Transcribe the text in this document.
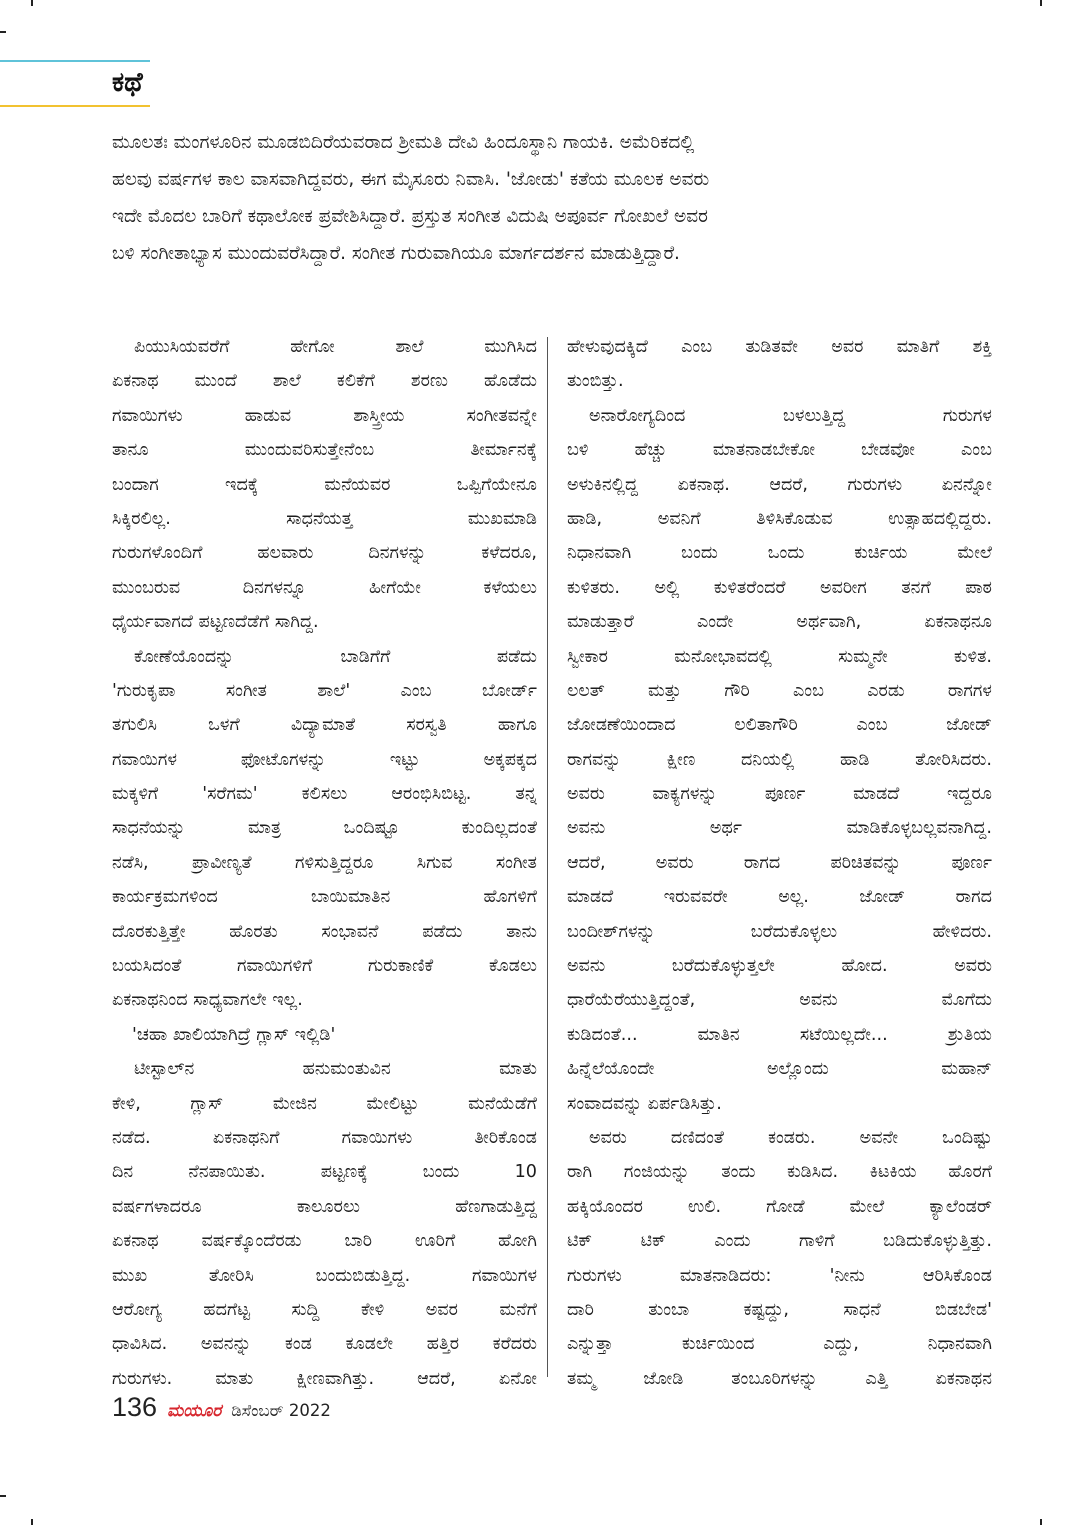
ಕಥೆ
ಮೂಲತಃ ಮಂಗಳೂರಿನ ಮೂಡಬಿದಿರೆಯವರಾದ ಶ್ರೀಮತಿ ದೇವಿ ಹಿಂದೂಸ್ಥಾನಿ ಗಾಯಕಿ. ಅಮೆರಿಕದಲ್ಲಿ
ಹಲವು ವರ್ಷಗಳ ಕಾಲ ವಾಸವಾಗಿದ್ದವರು, ಈಗ ಮೈಸೂರು ನಿವಾಸಿ. 'ಜೋಡು' ಕತೆಯ ಮೂಲಕ ಅವರು
ಇದೇ ಮೊದಲ ಬಾರಿಗೆ ಕಥಾಲೋಕ ಪ್ರವೇಶಿಸಿದ್ದಾರೆ. ಪ್ರಸ್ತುತ ಸಂಗೀತ ವಿದುಷಿ ಅಪೂರ್ವ ಗೋಖಲೆ ಅವರ
ಬಳಿ ಸಂಗೀತಾಭ್ಯಾಸ ಮುಂದುವರೆಸಿದ್ದಾರೆ. ಸಂಗೀತ ಗುರುವಾಗಿಯೂ ಮಾರ್ಗದರ್ಶನ ಮಾಡುತ್ತಿದ್ದಾರೆ.
ಪಿಯುಸಿಯವರೆಗೆ ಹೇಗೋ ಶಾಲೆ ಮುಗಿಸಿದ
ಏಕನಾಥ ಮುಂದೆ ಶಾಲೆ ಕಲಿಕೆಗೆ ಶರಣು ಹೊಡೆದು
ಗವಾಯಿಗಳು ಹಾಡುವ ಶಾಸ್ತ್ರೀಯ ಸಂಗೀತವನ್ನೇ
ತಾನೂ ಮುಂದುವರಿಸುತ್ತೇನೆಂಬ ತೀರ್ಮಾನಕ್ಕೆ
ಬಂದಾಗ ಇದಕ್ಕೆ ಮನೆಯವರ ಒಪ್ಪಿಗೆಯೇನೂ
ಸಿಕ್ಕಿರಲಿಲ್ಲ. ಸಾಧನೆಯತ್ತ ಮುಖಮಾಡಿ
ಗುರುಗಳೊಂದಿಗೆ ಹಲವಾರು ದಿನಗಳನ್ನು ಕಳೆದರೂ,
ಮುಂಬರುವ ದಿನಗಳನ್ನೂ ಹೀಗೆಯೇ ಕಳೆಯಲು
ಧೈರ್ಯವಾಗದೆ ಪಟ್ಟಣದೆಡೆಗೆ ಸಾಗಿದ್ದ.
ಕೋಣೆಯೊಂದನ್ನು ಬಾಡಿಗೆಗೆ ಪಡೆದು
'ಗುರುಕೃಪಾ ಸಂಗೀತ ಶಾಲೆ' ಎಂಬ ಬೋರ್ಡ್
ತಗುಲಿಸಿ ಒಳಗೆ ವಿದ್ಯಾಮಾತೆ ಸರಸ್ವತಿ ಹಾಗೂ
ಗವಾಯಿಗಳ ಫೋಟೊಗಳನ್ನು ಇಟ್ಟು ಅಕ್ಕಪಕ್ಕದ
ಮಕ್ಕಳಿಗೆ 'ಸರೆಗಮ' ಕಲಿಸಲು ಆರಂಭಿಸಿಬಿಟ್ಟ. ತನ್ನ
ಸಾಧನೆಯನ್ನು ಮಾತ್ರ ಒಂದಿಷ್ಟೂ ಕುಂದಿಲ್ಲದಂತೆ
ನಡೆಸಿ, ಪ್ರಾವೀಣ್ಯತೆ ಗಳಿಸುತ್ತಿದ್ದರೂ ಸಿಗುವ ಸಂಗೀತ
ಕಾರ್ಯಕ್ರಮಗಳಿಂದ ಬಾಯಿಮಾತಿನ ಹೊಗಳಿಗೆ
ದೊರಕುತ್ತಿತ್ತೇ ಹೊರತು ಸಂಭಾವನೆ ಪಡೆದು ತಾನು
ಬಯಸಿದಂತೆ ಗವಾಯಿಗಳಿಗೆ ಗುರುಕಾಣಿಕೆ ಕೊಡಲು
ಏಕನಾಥನಿಂದ ಸಾಧ್ಯವಾಗಲೇ ಇಲ್ಲ.
'ಚಹಾ ಖಾಲಿಯಾಗಿದ್ರೆ ಗ್ಲಾಸ್ ಇಲ್ಲಿಡಿ'
ಟೀಸ್ಟಾಲ್‌ನ ಹನುಮಂತುವಿನ ಮಾತು
ಕೇಳಿ, ಗ್ಲಾಸ್ ಮೇಜಿನ ಮೇಲಿಟ್ಟು ಮನೆಯೆಡೆಗೆ
ನಡೆದ. ಏಕನಾಥನಿಗೆ ಗವಾಯಿಗಳು ತೀರಿಕೊಂಡ
ದಿನ ನೆನಪಾಯಿತು. ಪಟ್ಟಣಕ್ಕೆ ಬಂದು 10
ವರ್ಷಗಳಾದರೂ ಕಾಲೂರಲು ಹೆಣಗಾಡುತ್ತಿದ್ದ
ಏಕನಾಥ ವರ್ಷಕ್ಕೊಂದೆರಡು ಬಾರಿ ಊರಿಗೆ ಹೋಗಿ
ಮುಖ ತೋರಿಸಿ ಬಂದುಬಿಡುತ್ತಿದ್ದ. ಗವಾಯಿಗಳ
ಆರೋಗ್ಯ ಹದಗೆಟ್ಟ ಸುದ್ದಿ ಕೇಳಿ ಅವರ ಮನೆಗೆ
ಧಾವಿಸಿದ. ಅವನನ್ನು ಕಂಡ ಕೂಡಲೇ ಹತ್ತಿರ ಕರೆದರು
ಗುರುಗಳು. ಮಾತು ಕ್ಷೀಣವಾಗಿತ್ತು. ಆದರೆ, ಏನೋ
ಹೇಳುವುದಕ್ಕಿದೆ ಎಂಬ ತುಡಿತವೇ ಅವರ ಮಾತಿಗೆ ಶಕ್ತಿ
ತುಂಬಿತ್ತು.
ಅನಾರೋಗ್ಯದಿಂದ ಬಳಲುತ್ತಿದ್ದ ಗುರುಗಳ
ಬಳಿ ಹೆಚ್ಚು ಮಾತನಾಡಬೇಕೋ ಬೇಡವೋ ಎಂಬ
ಅಳುಕಿನಲ್ಲಿದ್ದ ಏಕನಾಥ. ಆದರೆ, ಗುರುಗಳು ಏನನ್ನೋ
ಹಾಡಿ, ಅವನಿಗೆ ತಿಳಿಸಿಕೊಡುವ ಉತ್ಸಾಹದಲ್ಲಿದ್ದರು.
ನಿಧಾನವಾಗಿ ಬಂದು ಒಂದು ಕುರ್ಚಿಯ ಮೇಲೆ
ಕುಳಿತರು. ಅಲ್ಲಿ ಕುಳಿತರೆಂದರೆ ಅವರೀಗ ತನಗೆ ಪಾಠ
ಮಾಡುತ್ತಾರೆ ಎಂದೇ ಅರ್ಥವಾಗಿ, ಏಕನಾಥನೂ
ಸ್ವೀಕಾರ ಮನೋಭಾವದಲ್ಲಿ ಸುಮ್ಮನೇ ಕುಳಿತ.
ಲಲತ್ ಮತ್ತು ಗೌರಿ ಎಂಬ ಎರಡು ರಾಗಗಳ
ಜೋಡಣೆಯಿಂದಾದ ಲಲಿತಾಗೌರಿ ಎಂಬ ಜೋಡ್
ರಾಗವನ್ನು ಕ್ಷೀಣ ದನಿಯಲ್ಲಿ ಹಾಡಿ ತೋರಿಸಿದರು.
ಅವರು ವಾಕ್ಯಗಳನ್ನು ಪೂರ್ಣ ಮಾಡದೆ ಇದ್ದರೂ
ಅವನು ಅರ್ಥ ಮಾಡಿಕೊಳ್ಳಬಲ್ಲವನಾಗಿದ್ದ.
ಆದರೆ, ಅವರು ರಾಗದ ಪರಿಚಿತವನ್ನು ಪೂರ್ಣ
ಮಾಡದೆ ಇರುವವರೇ ಅಲ್ಲ. ಜೋಡ್ ರಾಗದ
ಬಂದೀಶ್‌ಗಳನ್ನು ಬರೆದುಕೊಳ್ಳಲು ಹೇಳಿದರು.
ಅವನು ಬರೆದುಕೊಳ್ಳುತ್ತಲೇ ಹೋದ. ಅವರು
ಧಾರೆಯೆರೆಯುತ್ತಿದ್ದಂತೆ, ಅವನು ಮೊಗೆದು
ಕುಡಿದಂತೆ... ಮಾತಿನ ಸಟೆಯಿಲ್ಲದೇ... ಶ್ರುತಿಯ
ಹಿನ್ನೆಲೆಯೊಂದೇ ಅಲ್ಲೊಂದು ಮಹಾನ್
ಸಂವಾದವನ್ನು ಏರ್ಪಡಿಸಿತ್ತು.
ಅವರು ದಣಿದಂತೆ ಕಂಡರು. ಅವನೇ ಒಂದಿಷ್ಟು
ರಾಗಿ ಗಂಜಿಯನ್ನು ತಂದು ಕುಡಿಸಿದ. ಕಿಟಕಿಯ ಹೊರಗೆ
ಹಕ್ಕಿಯೊಂದರ ಉಲಿ. ಗೋಡೆ ಮೇಲೆ ಕ್ಯಾಲೆಂಡರ್
ಟಿಕ್ ಟಿಕ್ ಎಂದು ಗಾಳಿಗೆ ಬಡಿದುಕೊಳ್ಳುತ್ತಿತ್ತು.
ಗುರುಗಳು ಮಾತನಾಡಿದರು: 'ನೀನು ಆರಿಸಿಕೊಂಡ
ದಾರಿ ತುಂಬಾ ಕಷ್ಟದ್ದು, ಸಾಧನೆ ಬಿಡಬೇಡ'
ಎನ್ನುತ್ತಾ ಕುರ್ಚಿಯಿಂದ ಎದ್ದು, ನಿಧಾನವಾಗಿ
ತಮ್ಮ ಜೋಡಿ ತಂಬೂರಿಗಳನ್ನು ಎತ್ತಿ ಏಕನಾಥನ
136 ಮಯೂರ ಡಿಸೆಂಬರ್ 2022
